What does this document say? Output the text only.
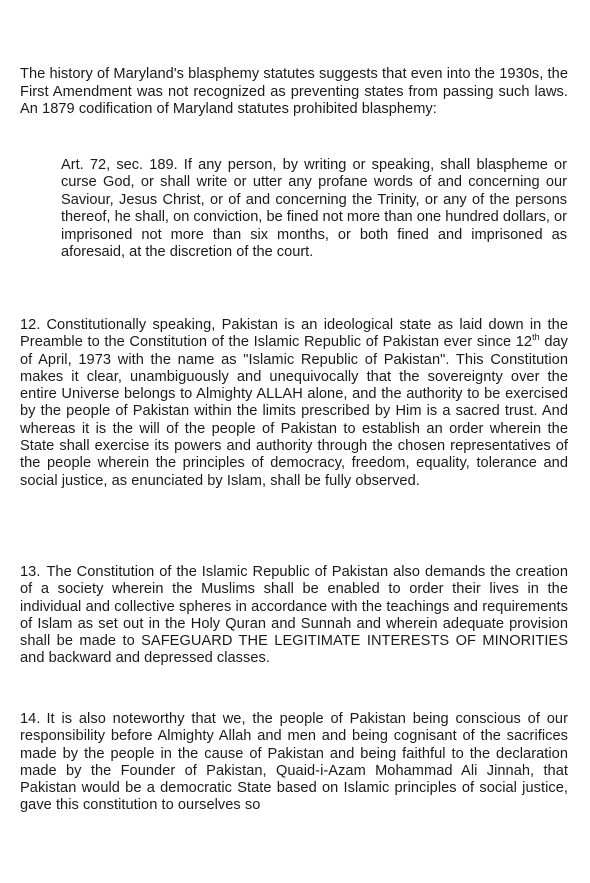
The history of Maryland's blasphemy statutes suggests that even into the 1930s, the First Amendment was not recognized as preventing states from passing such laws. An 1879 codification of Maryland statutes prohibited blasphemy:

Art. 72, sec. 189. If any person, by writing or speaking, shall blaspheme or curse God, or shall write or utter any profane words of and concerning our Saviour, Jesus Christ, or of and concerning the Trinity, or any of the persons thereof, he shall, on conviction, be fined not more than one hundred dollars, or imprisoned not more than six months, or both fined and imprisoned as aforesaid, at the discretion of the court.

12. Constitutionally speaking, Pakistan is an ideological state as laid down in the Preamble to the Constitution of the Islamic Republic of Pakistan ever since 12th day of April, 1973 with the name as "Islamic Republic of Pakistan". This Constitution makes it clear, unambiguously and unequivocally that the sovereignty over the entire Universe belongs to Almighty ALLAH alone, and the authority to be exercised by the people of Pakistan within the limits prescribed by Him is a sacred trust. And whereas it is the will of the people of Pakistan to establish an order wherein the State shall exercise its powers and authority through the chosen representatives of the people wherein the principles of democracy, freedom, equality, tolerance and social justice, as enunciated by Islam, shall be fully observed.

13. The Constitution of the Islamic Republic of Pakistan also demands the creation of a society wherein the Muslims shall be enabled to order their lives in the individual and collective spheres in accordance with the teachings and requirements of Islam as set out in the Holy Quran and Sunnah and wherein adequate provision shall be made to SAFEGUARD THE LEGITIMATE INTERESTS OF MINORITIES and backward and depressed classes.

14. It is also noteworthy that we, the people of Pakistan being conscious of our responsibility before Almighty Allah and men and being cognisant of the sacrifices made by the people in the cause of Pakistan and being faithful to the declaration made by the Founder of Pakistan, Quaid-i-Azam Mohammad Ali Jinnah, that Pakistan would be a democratic State based on Islamic principles of social justice, gave this constitution to ourselves so
